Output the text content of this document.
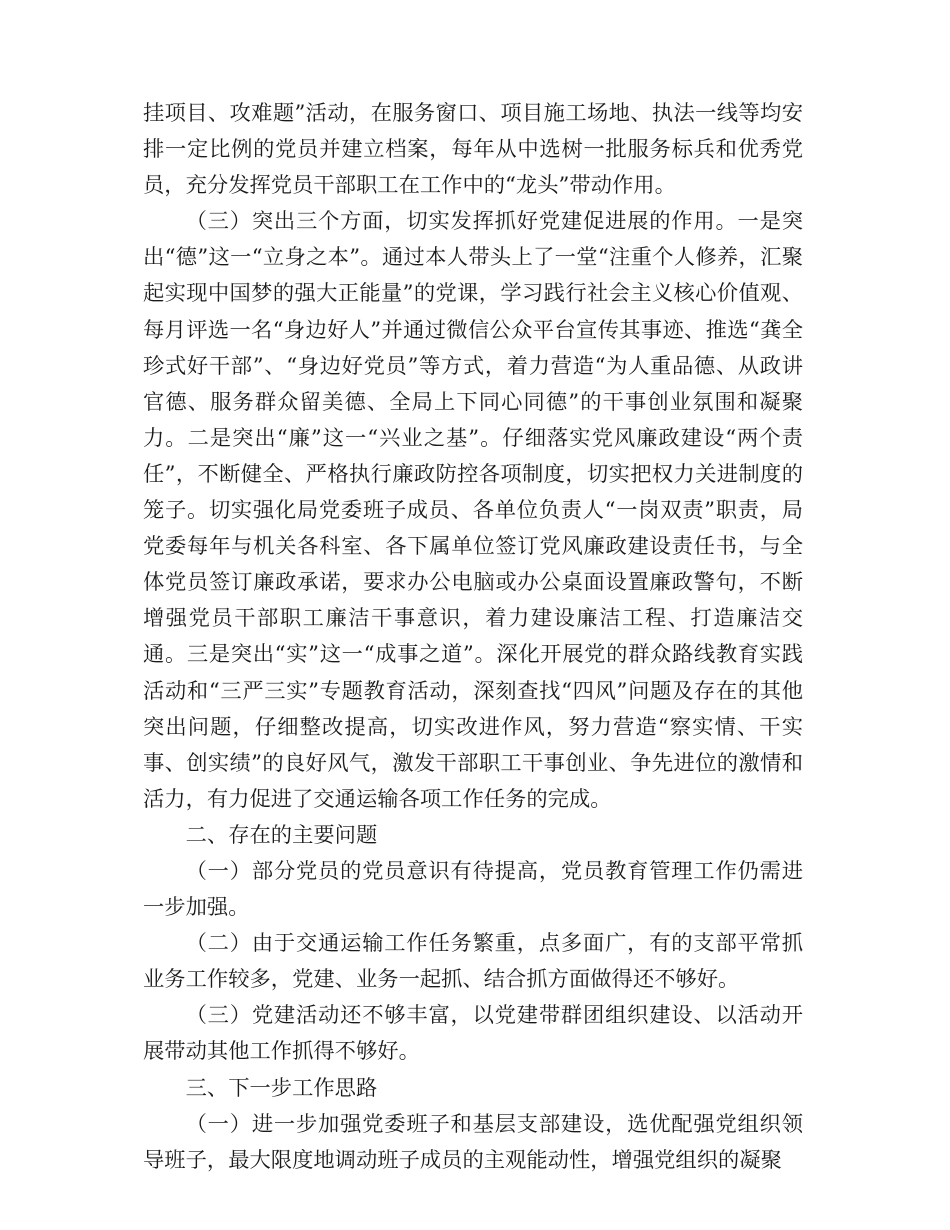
挂项目、攻难题”活动，在服务窗口、项目施工场地、执法一线等均安排一定比例的党员并建立档案，每年从中选树一批服务标兵和优秀党员，充分发挥党员干部职工在工作中的“龙头”带动作用。

（三）突出三个方面，切实发挥抓好党建促进展的作用。一是突出“德”这一“立身之本”。通过本人带头上了一堂“注重个人修养，汇聚起实现中国梦的强大正能量”的党课，学习践行社会主义核心价值观、每月评选一名“身边好人”并通过微信公众平台宣传其事迹、推选“龚全珍式好干部”、“身边好党员”等方式，着力营造“为人重品德、从政讲官德、服务群众留美德、全局上下同心同德”的干事创业氛围和凝聚力。二是突出“廉”这一“兴业之基”。仔细落实党风廉政建设“两个责任”，不断健全、严格执行廉政防控各项制度，切实把权力关进制度的笼子。切实强化局党委班子成员、各单位负责人“一岗双责”职责，局党委每年与机关各科室、各下属单位签订党风廉政建设责任书，与全体党员签订廉政承诺，要求办公电脑或办公桌面设置廉政警句，不断增强党员干部职工廉洁干事意识，着力建设廉洁工程、打造廉洁交通。三是突出“实”这一“成事之道”。深化开展党的群众路线教育实践活动和“三严三实”专题教育活动，深刻查找“四风”问题及存在的其他突出问题，仔细整改提高，切实改进作风，努力营造“察实情、干实事、创实绩”的良好风气，激发干部职工干事创业、争先进位的激情和活力，有力促进了交通运输各项工作任务的完成。

二、存在的主要问题

（一）部分党员的党员意识有待提高，党员教育管理工作仍需进一步加强。

（二）由于交通运输工作任务繁重，点多面广，有的支部平常抓业务工作较多，党建、业务一起抓、结合抓方面做得还不够好。

（三）党建活动还不够丰富，以党建带群团组织建设、以活动开展带动其他工作抓得不够好。

三、下一步工作思路

（一）进一步加强党委班子和基层支部建设，选优配强党组织领导班子，最大限度地调动班子成员的主观能动性，增强党组织的凝聚
